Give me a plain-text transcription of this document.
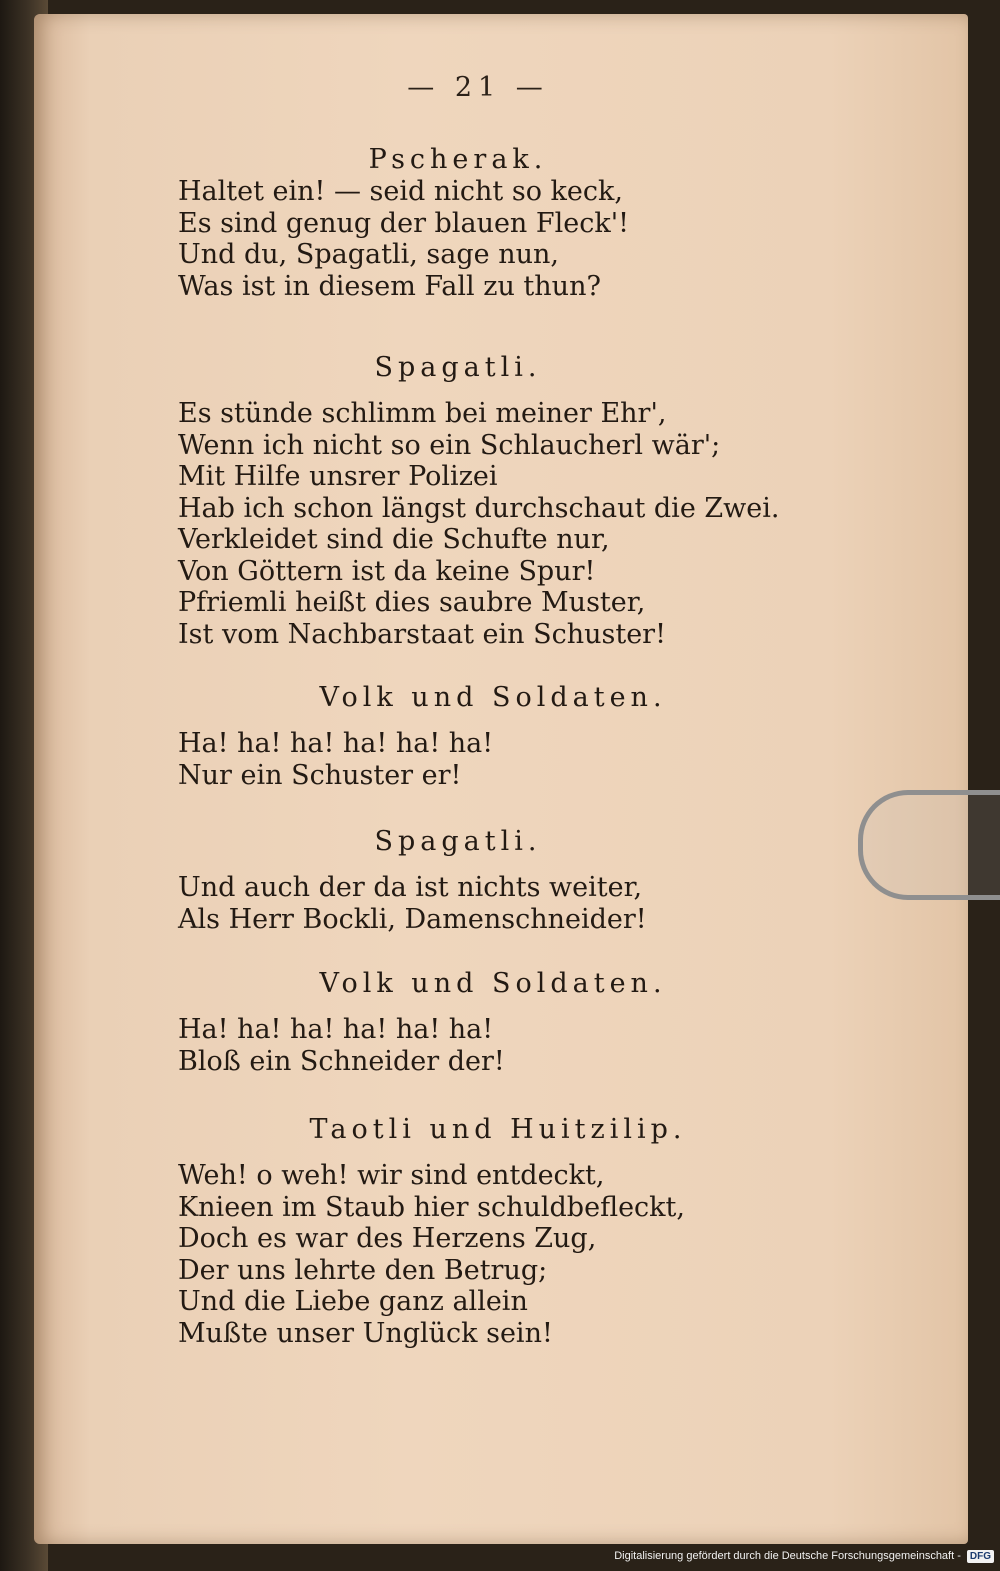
— 21 —

Pscherak.

Haltet ein! — seid nicht so keck,
Es sind genug der blauen Fleck'!
Und du, Spagatli, sage nun,
Was ist in diesem Fall zu thun?

Spagatli.

Es stünde schlimm bei meiner Ehr',
Wenn ich nicht so ein Schlaucherl wär';
Mit Hilfe unsrer Polizei
Hab ich schon längst durchschaut die Zwei.
Verkleidet sind die Schufte nur,
Von Göttern ist da keine Spur!
Pfriemli heißt dies saubre Muster,
Ist vom Nachbarstaat ein Schuster!

Volk und Soldaten.

Ha! ha! ha! ha! ha! ha!
Nur ein Schuster er!

Spagatli.

Und auch der da ist nichts weiter,
Als Herr Bockli, Damenschneider!

Volk und Soldaten.

Ha! ha! ha! ha! ha! ha!
Bloß ein Schneider der!

Taotli und Huitzilip.

Weh! o weh! wir sind entdeckt,
Knieen im Staub hier schuldbefleckt,
Doch es war des Herzens Zug,
Der uns lehrte den Betrug;
Und die Liebe ganz allein
Mußte unser Unglück sein!
Digitalisierung gefördert durch die Deutsche Forschungsgemeinschaft - DFG
